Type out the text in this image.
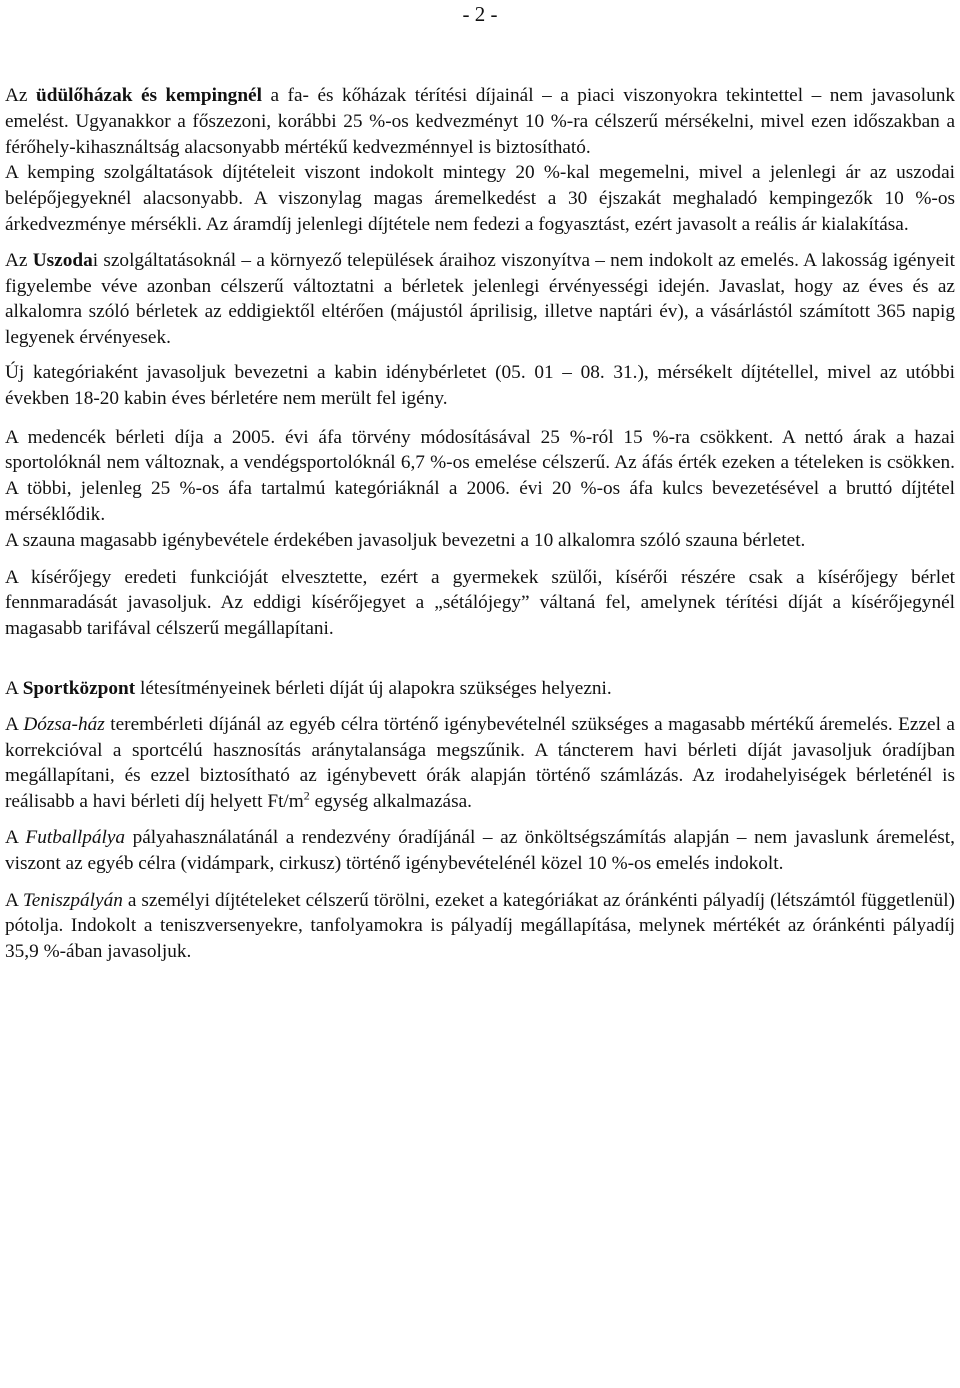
- 2 -

Az üdülőházak és kempingnél a fa- és kőházak térítési díjainál – a piaci viszonyokra tekintettel – nem javasolunk emelést. Ugyanakkor a főszezoni, korábbi 25 %-os kedvezményt 10 %-ra célszerű mérsékelni, mivel ezen időszakban a férőhely-kihasználtság alacsonyabb mértékű kedvezménnyel is biztosítható.
A kemping szolgáltatások díjtételeit viszont indokolt mintegy 20 %-kal megemelni, mivel a jelenlegi ár az uszodai belépőjegyeknél alacsonyabb. A viszonylag magas áremelkedést a 30 éjszakát meghaladó kempingezők 10 %-os árkedvezménye mérsékli. Az áramdíj jelenlegi díjtétele nem fedezi a fogyasztást, ezért javasolt a reális ár kialakítása.

Az Uszodai szolgáltatásoknál – a környező települések áraihoz viszonyítva – nem indokolt az emelés. A lakosság igényeit figyelembe véve azonban célszerű változtatni a bérletek jelenlegi érvényességi idején. Javaslat, hogy az éves és az alkalomra szóló bérletek az eddigiektől eltérően (májustól áprilisig, illetve naptári év), a vásárlástól számított 365 napig legyenek érvényesek.

Új kategóriaként javasoljuk bevezetni a kabin idénybérletet (05. 01 – 08. 31.), mérsékelt díjtétellel, mivel az utóbbi években 18-20 kabin éves bérletére nem merült fel igény.

A medencék bérleti díja a 2005. évi áfa törvény módosításával 25 %-ról 15 %-ra csökkent. A nettó árak a hazai sportolóknál nem változnak, a vendégsportolóknál 6,7 %-os emelése célszerű. Az áfás érték ezeken a tételeken is csökken. A többi, jelenleg 25 %-os áfa tartalmú kategóriáknál a 2006. évi 20 %-os áfa kulcs bevezetésével a bruttó díjtétel mérséklődik.
A szauna magasabb igénybevétele érdekében javasoljuk bevezetni a 10 alkalomra szóló szauna bérletet.

A kísérőjegy eredeti funkcióját elvesztette, ezért a gyermekek szülői, kísérői részére csak a kísérőjegy bérlet fennmaradását javasoljuk. Az eddigi kísérőjegyet a „sétálójegy” váltaná fel, amelynek térítési díját a kísérőjegynél magasabb tarifával célszerű megállapítani.

A Sportközpont létesítményeinek bérleti díját új alapokra szükséges helyezni.

A Dózsa-ház terembérleti díjánál az egyéb célra történő igénybevételnél szükséges a magasabb mértékű áremelés. Ezzel a korrekcióval a sportcélú hasznosítás aránytalansága megszűnik. A táncterem havi bérleti díját javasoljuk óradíjban megállapítani, és ezzel biztosítható az igénybevett órák alapján történő számlázás. Az irodahelyiségek bérleténél is reálisabb a havi bérleti díj helyett $Ft/m^2$ egység alkalmazása.

A Futballpálya pályahasználatánál a rendezvény óradíjánál – az önköltségszámítás alapján – nem javaslunk áremelést, viszont az egyéb célra (vidámpark, cirkusz) történő igénybevételénél közel 10 %-os emelés indokolt.

A Teniszpályán a személyi díjtételeket célszerű törölni, ezeket a kategóriákat az óránkénti pályadíj (létszámtól függetlenül) pótolja. Indokolt a teniszversenyekre, tanfolyamokra is pályadíj megállapítása, melynek mértékét az óránkénti pályadíj 35,9 %-ában javasoljuk.
